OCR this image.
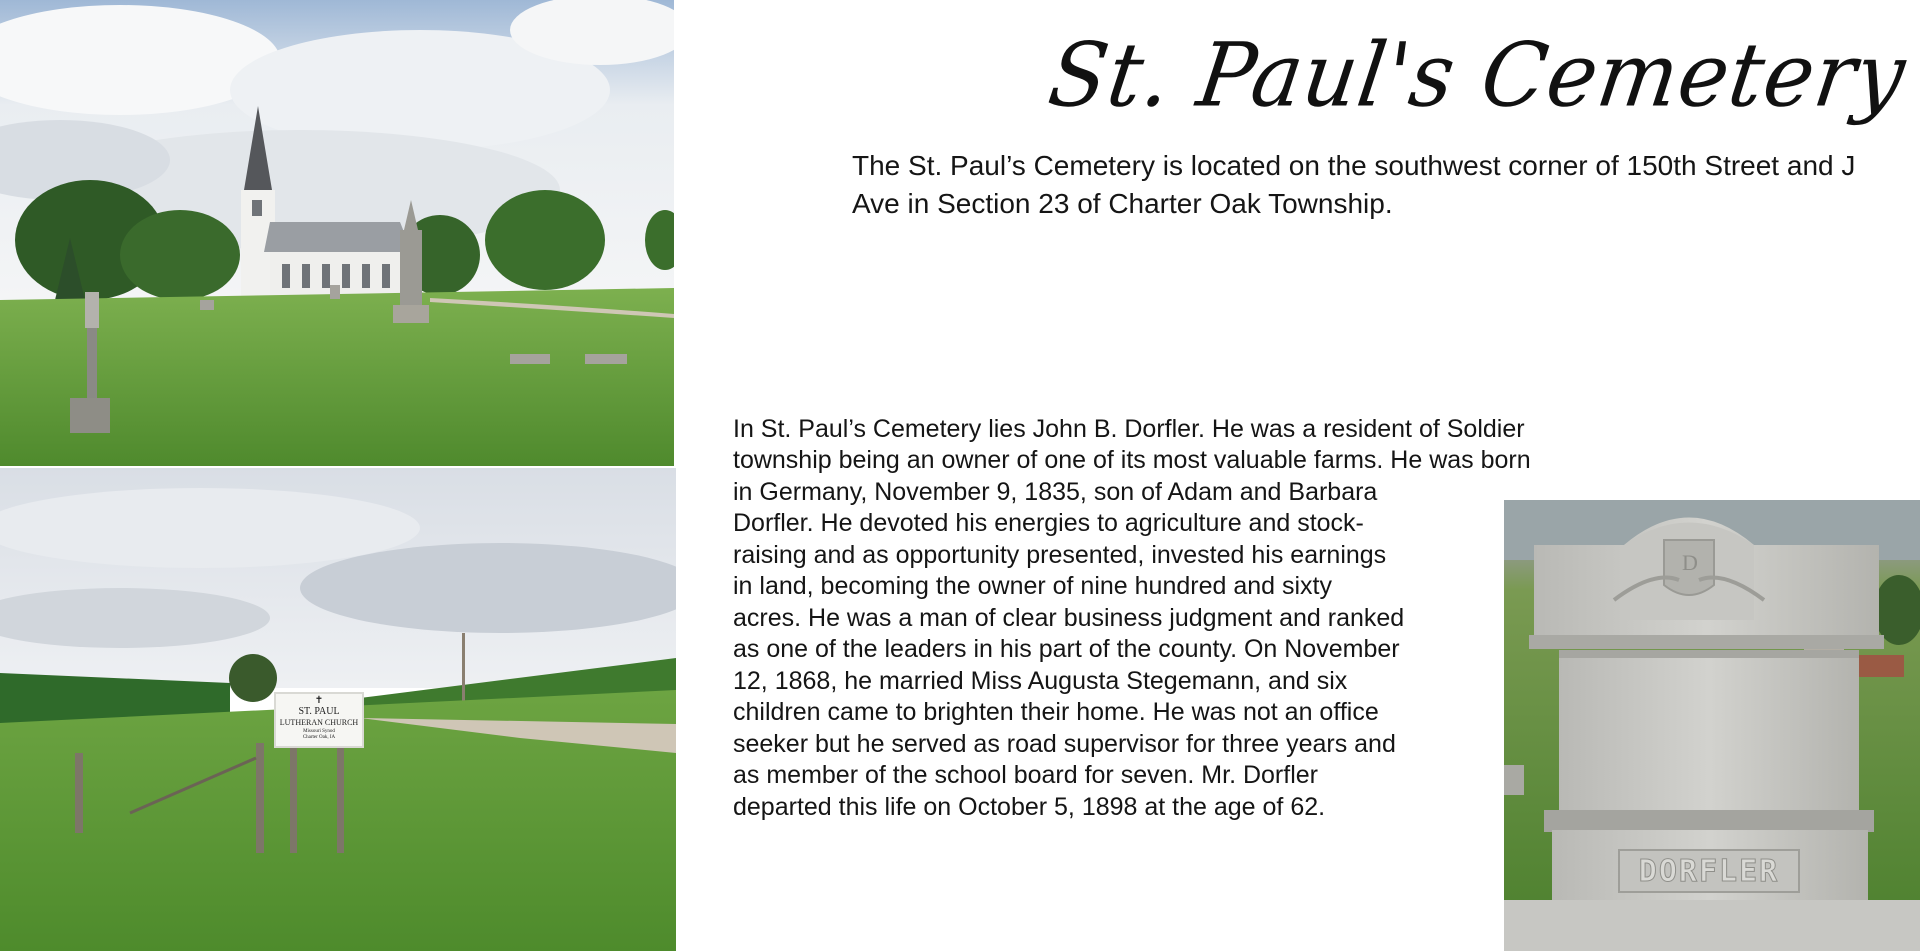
✝
ST. PAUL
LUTHERAN CHURCH
Missouri Synod
Charter Oak, IA
St. Paul's Cemetery

The St. Paul’s Cemetery is located on the southwest corner of 150th Street and J Ave in Section 23 of Charter Oak Township.

In St. Paul’s Cemetery lies John B. Dorfler. He was a resident of Soldier
township being an owner of one of its most valuable farms. He was born
in Germany, November 9, 1835, son of Adam and Barbara
Dorfler. He devoted his energies to agriculture and stock-
raising and as opportunity presented, invested his earnings
in land, becoming the owner of nine hundred and sixty
acres. He was a man of clear business judgment and ranked
as one of the leaders in his part of the county. On November
12, 1868, he married Miss Augusta Stegemann, and six
children came to brighten their home. He was not an office
seeker but he served as road supervisor for three years and
as member of the school board for seven. Mr. Dorfler
departed this life on October 5, 1898 at the age of 62.
D
DORFLER
